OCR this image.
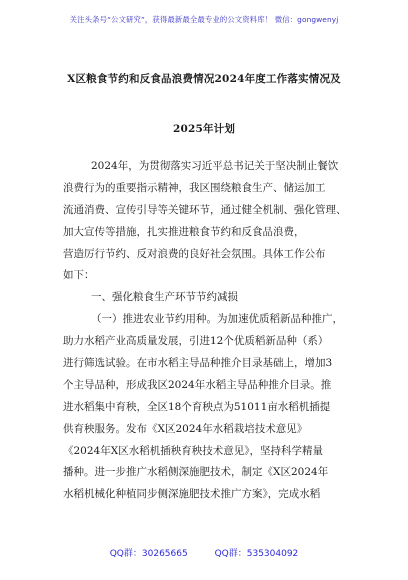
关注头条号“公文研究”，获得最新最全最专业的公文资料库！ 微信：gongwenyj
X区粮食节约和反食品浪费情况2024年度工作落实情况及
2025年计划
2024年，为贯彻落实习近平总书记关于坚决制止餐饮
浪费行为的重要指示精神，我区围绕粮食生产、储运加工
流通消费、宣传引导等关键环节，通过健全机制、强化管理、
加大宣传等措施，扎实推进粮食节约和反食品浪费，
营造厉行节约、反对浪费的良好社会氛围。具体工作公布
如下：
一、强化粮食生产环节节约减损
（一）推进农业节约用种。为加速优质稻新品种推广，
助力水稻产业高质量发展，引进12个优质稻新品种（系）
进行筛选试验。在市水稻主导品种推介目录基础上，增加3
个主导品种，形成我区2024年水稻主导品种推介目录。推
进水稻集中育秧，全区18个育秧点为51011亩水稻机插提
供育秧服务。发布《X区2024年水稻栽培技术意见》
《2024年X区水稻机插秧育秧技术意见》，坚持科学精量
播种。进一步推广水稻侧深施肥技术，制定《X区2024年
水稻机械化种植同步侧深施肥技术推广方案》，完成水稻
QQ群：30265665	QQ群：535304092
